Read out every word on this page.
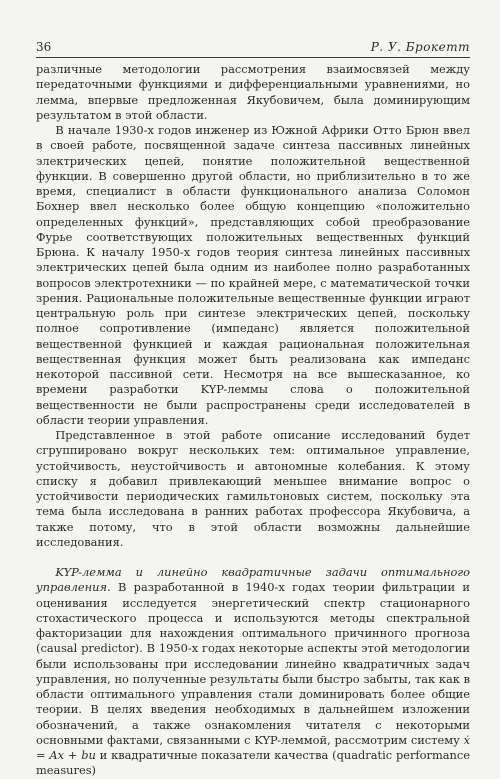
36	Р. У. Брокетт

различные методологии рассмотрения взаимосвязей между передаточными функциями и дифференциальными уравнениями, но лемма, впервые предложенная Якубовичем, была доминирующим результатом в этой области.

В начале 1930-х годов инженер из Южной Африки Отто Брюн ввел в своей работе, посвященной задаче синтеза пассивных линейных электрических цепей, понятие положительной вещественной функции. В совершенно другой области, но приблизительно в то же время, специалист в области функционального анализа Соломон Бохнер ввел несколько более общую концепцию «положительно определенных функций», представляющих собой преобразование Фурье соответствующих положительных вещественных функций Брюна. К началу 1950-х годов теория синтеза линейных пассивных электрических цепей была одним из наиболее полно разработанных вопросов электротехники — по крайней мере, с математической точки зрения. Рациональные положительные вещественные функции играют центральную роль при синтезе электрических цепей, поскольку полное сопротивление (импеданс) является положительной вещественной функцией и каждая рациональная положительная вещественная функция может быть реализована как импеданс некоторой пассивной сети. Несмотря на все вышесказанное, ко времени разработки KYP-леммы слова о положительной вещественности не были распространены среди исследователей в области теории управления.

Представленное в этой работе описание исследований будет сгруппировано вокруг нескольких тем: оптимальное управление, устойчивость, неустойчивость и автономные колебания. К этому списку я добавил привлекающий меньшее внимание вопрос о устойчивости периодических гамильтоновых систем, поскольку эта тема была исследована в ранних работах профессора Якубовича, а также потому, что в этой области возможны дальнейшие исследования.

KYP-лемма и линейно квадратичные задачи оптимального управления. В разработанной в 1940-х годах теории фильтрации и оценивания исследуется энергетический спектр стационарного стохастического процесса и используются методы спектральной факторизации для нахождения оптимального причинного прогноза (causal predictor). В 1950-х годах некоторые аспекты этой методологии были использованы при исследовании линейно квадратичных задач управления, но полученные результаты были быстро забыты, так как в области оптимального управления стали доминировать более общие теории. В целях введения необходимых в дальнейшем изложении обозначений, а также ознакомления читателя с некоторыми основными фактами, связанными с KYP-леммой, рассмотрим систему ẋ = Ax + bu и квадратичные показатели качества (quadratic performance measures)
